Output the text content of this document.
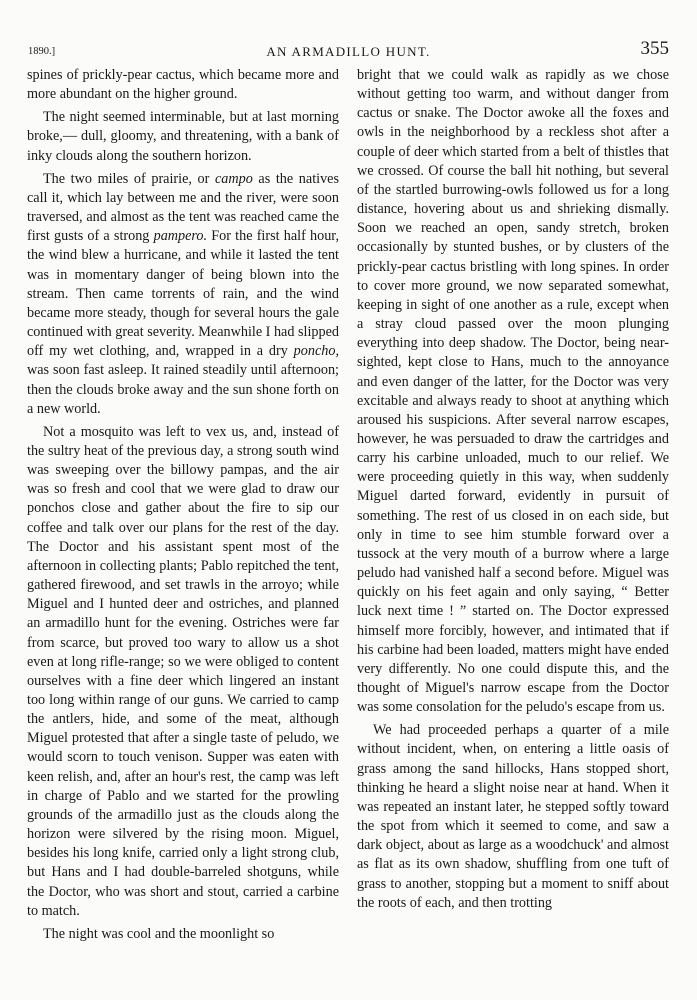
1890.]	AN ARMADILLO HUNT.	355

spines of prickly-pear cactus, which became more and more abundant on the higher ground.

The night seemed interminable, but at last morning broke,— dull, gloomy, and threatening, with a bank of inky clouds along the southern horizon.

The two miles of prairie, or campo as the natives call it, which lay between me and the river, were soon traversed, and almost as the tent was reached came the first gusts of a strong pampero. For the first half hour, the wind blew a hurricane, and while it lasted the tent was in momentary danger of being blown into the stream. Then came torrents of rain, and the wind became more steady, though for several hours the gale continued with great severity. Meanwhile I had slipped off my wet clothing, and, wrapped in a dry poncho, was soon fast asleep. It rained steadily until afternoon; then the clouds broke away and the sun shone forth on a new world.

Not a mosquito was left to vex us, and, instead of the sultry heat of the previous day, a strong south wind was sweeping over the billowy pampas, and the air was so fresh and cool that we were glad to draw our ponchos close and gather about the fire to sip our coffee and talk over our plans for the rest of the day. The Doctor and his assistant spent most of the afternoon in collecting plants; Pablo repitched the tent, gathered firewood, and set trawls in the arroyo; while Miguel and I hunted deer and ostriches, and planned an armadillo hunt for the evening. Ostriches were far from scarce, but proved too wary to allow us a shot even at long rifle-range; so we were obliged to content ourselves with a fine deer which lingered an instant too long within range of our guns. We carried to camp the antlers, hide, and some of the meat, although Miguel protested that after a single taste of peludo, we would scorn to touch venison. Supper was eaten with keen relish, and, after an hour's rest, the camp was left in charge of Pablo and we started for the prowling grounds of the armadillo just as the clouds along the horizon were silvered by the rising moon. Miguel, besides his long knife, carried only a light strong club, but Hans and I had double-barreled shotguns, while the Doctor, who was short and stout, carried a carbine to match.

The night was cool and the moonlight so

bright that we could walk as rapidly as we chose without getting too warm, and without danger from cactus or snake. The Doctor awoke all the foxes and owls in the neighborhood by a reckless shot after a couple of deer which started from a belt of thistles that we crossed. Of course the ball hit nothing, but several of the startled burrowing-owls followed us for a long distance, hovering about us and shrieking dismally. Soon we reached an open, sandy stretch, broken occasionally by stunted bushes, or by clusters of the prickly-pear cactus bristling with long spines. In order to cover more ground, we now separated somewhat, keeping in sight of one another as a rule, except when a stray cloud passed over the moon plunging everything into deep shadow. The Doctor, being near-sighted, kept close to Hans, much to the annoyance and even danger of the latter, for the Doctor was very excitable and always ready to shoot at anything which aroused his suspicions. After several narrow escapes, however, he was persuaded to draw the cartridges and carry his carbine unloaded, much to our relief. We were proceeding quietly in this way, when suddenly Miguel darted forward, evidently in pursuit of something. The rest of us closed in on each side, but only in time to see him stumble forward over a tussock at the very mouth of a burrow where a large peludo had vanished half a second before. Miguel was quickly on his feet again and only saying, “ Better luck next time ! ” started on. The Doctor expressed himself more forcibly, however, and intimated that if his carbine had been loaded, matters might have ended very differently. No one could dispute this, and the thought of Miguel's narrow escape from the Doctor was some consolation for the peludo's escape from us.

We had proceeded perhaps a quarter of a mile without incident, when, on entering a little oasis of grass among the sand hillocks, Hans stopped short, thinking he heard a slight noise near at hand. When it was repeated an instant later, he stepped softly toward the spot from which it seemed to come, and saw a dark object, about as large as a woodchuck' and almost as flat as its own shadow, shuffling from one tuft of grass to another, stopping but a moment to sniff about the roots of each, and then trotting
